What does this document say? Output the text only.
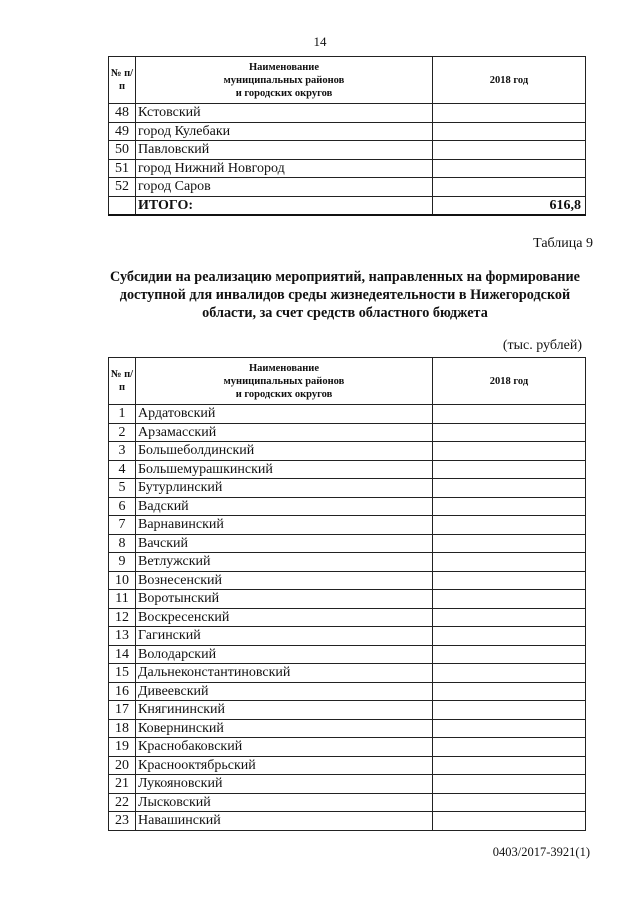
14
№ п/п	Наименование
муниципальных районов
и городских округов	2018 год
48	Кстовский	
49	город Кулебаки	
50	Павловский	
51	город Нижний Новгород	
52	город Саров	
	ИТОГО:	616,8
Таблица 9
Субсидии на реализацию мероприятий, направленных на формирование доступной для инвалидов среды жизнедеятельности в Нижегородской области, за счет средств областного бюджета
(тыс. рублей)
№ п/п	Наименование
муниципальных районов
и городских округов	2018 год
1	Ардатовский	
2	Арзамасский	
3	Большеболдинский	
4	Большемурашкинский	
5	Бутурлинский	
6	Вадский	
7	Варнавинский	
8	Вачский	
9	Ветлужский	
10	Вознесенский	
11	Воротынский	
12	Воскресенский	
13	Гагинский	
14	Володарский	
15	Дальнеконстантиновский	
16	Дивеевский	
17	Княгининский	
18	Ковернинский	
19	Краснобаковский	
20	Краснооктябрьский	
21	Лукояновский	
22	Лысковский	
23	Навашинский	
0403/2017-3921(1)
